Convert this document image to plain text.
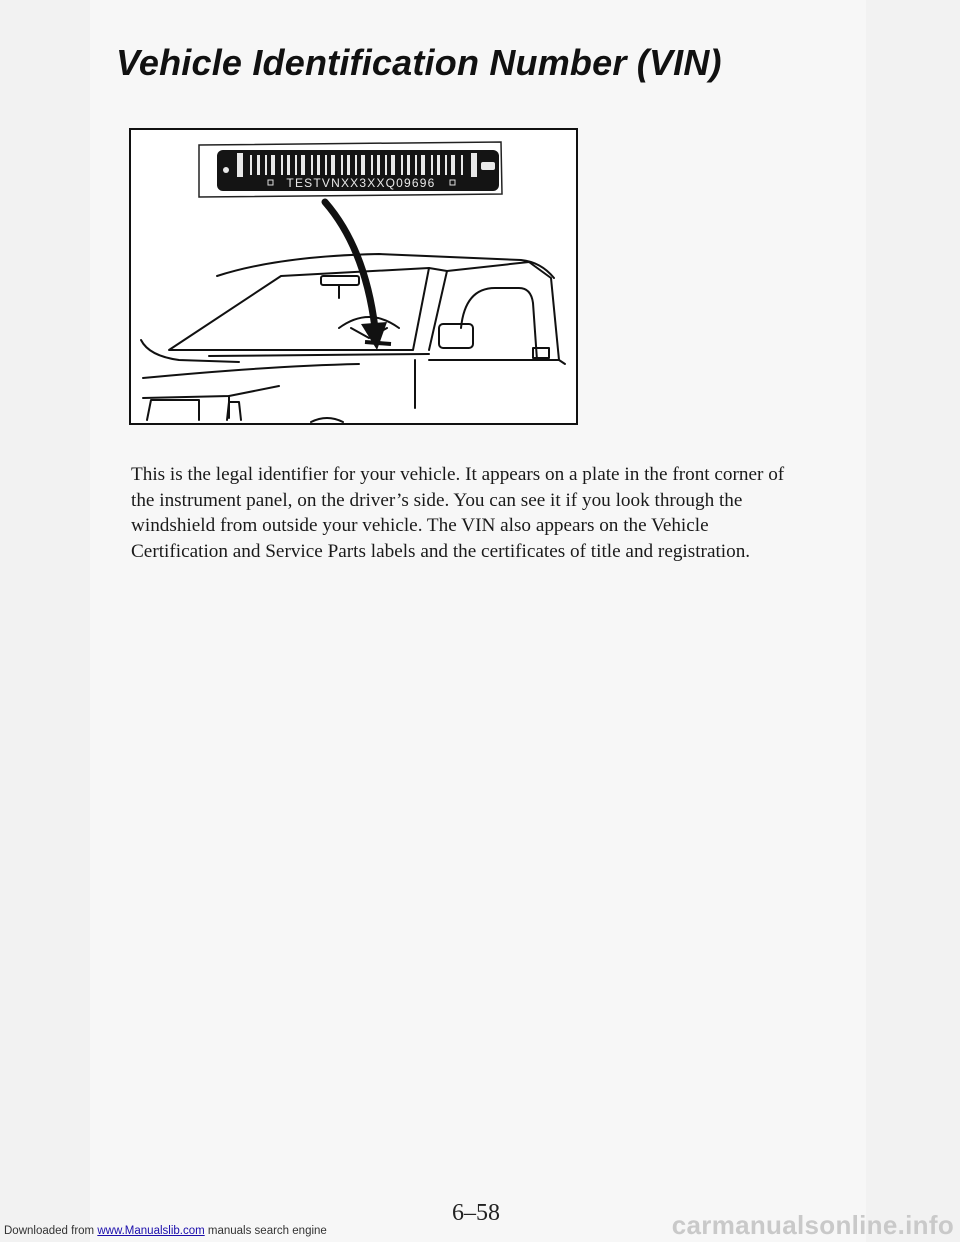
Vehicle Identification Number (VIN)
TESTVNXX3XXQ09696

This is the legal identifier for your vehicle. It appears on a plate in the front corner of the instrument panel, on the driver’s side. You can see it if you look through the windshield from outside your vehicle. The VIN also appears on the Vehicle Certification and Service Parts labels and the certificates of title and registration.

6–58
Downloaded from www.Manualslib.com manuals search engine	carmanualsonline.info
